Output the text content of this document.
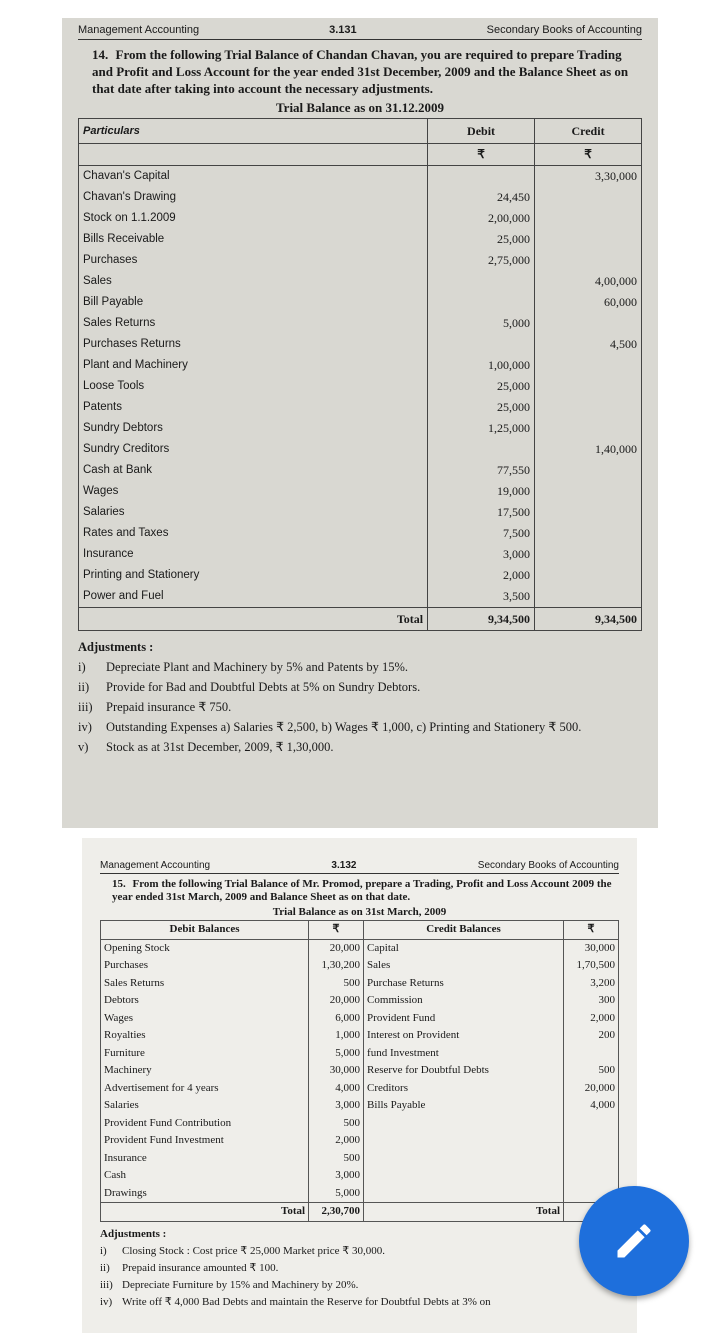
Management Accounting	3.131	Secondary Books of Accounting
14. From the following Trial Balance of Chandan Chavan, you are required to prepare Trading and Profit and Loss Account for the year ended 31st December, 2009 and the Balance Sheet as on that date after taking into account the necessary adjustments.
Trial Balance as on 31.12.2009
Particulars	Debit	Credit
	₹	₹
Chavan's Capital		3,30,000
Chavan's Drawing	24,450	
Stock on 1.1.2009	2,00,000	
Bills Receivable	25,000	
Purchases	2,75,000	
Sales		4,00,000
Bill Payable		60,000
Sales Returns	5,000	
Purchases Returns		4,500
Plant and Machinery	1,00,000	
Loose Tools	25,000	
Patents	25,000	
Sundry Debtors	1,25,000	
Sundry Creditors		1,40,000
Cash at Bank	77,550	
Wages	19,000	
Salaries	17,500	
Rates and Taxes	7,500	
Insurance	3,000	
Printing and Stationery	2,000	
Power and Fuel	3,500	
Total	9,34,500	9,34,500
Adjustments :
i)	Depreciate Plant and Machinery by 5% and Patents by 15%.
ii)	Provide for Bad and Doubtful Debts at 5% on Sundry Debtors.
iii)	Prepaid insurance ₹ 750.
iv)	Outstanding Expenses a) Salaries ₹ 2,500, b) Wages ₹ 1,000, c) Printing and Stationery ₹ 500.
v)	Stock as at 31st December, 2009, ₹ 1,30,000.
Management Accounting	3.132	Secondary Books of Accounting
15. From the following Trial Balance of Mr. Promod, prepare a Trading, Profit and Loss Account 2009 the year ended 31st March, 2009 and Balance Sheet as on that date.
Trial Balance as on 31st March, 2009
Debit Balances	₹	Credit Balances	₹
Opening Stock	20,000	Capital	30,000
Purchases	1,30,200	Sales	1,70,500
Sales Returns	500	Purchase Returns	3,200
Debtors	20,000	Commission	300
Wages	6,000	Provident Fund	2,000
Royalties	1,000	Interest on Provident	200
Furniture	5,000	fund Investment	
Machinery	30,000	Reserve for Doubtful Debts	500
Advertisement for 4 years	4,000	Creditors	20,000
Salaries	3,000	Bills Payable	4,000
Provident Fund Contribution	500		
Provident Fund Investment	2,000		
Insurance	500		
Cash	3,000		
Drawings	5,000		
Total	2,30,700	Total	
Adjustments :
i)	Closing Stock : Cost price ₹ 25,000 Market price ₹ 30,000.
ii)	Prepaid insurance amounted ₹ 100.
iii) Depreciate Furniture by 15% and Machinery by 20%.
iv) Write off ₹ 4,000 Bad Debts and maintain the Reserve for Doubtful Debts at 3% on
